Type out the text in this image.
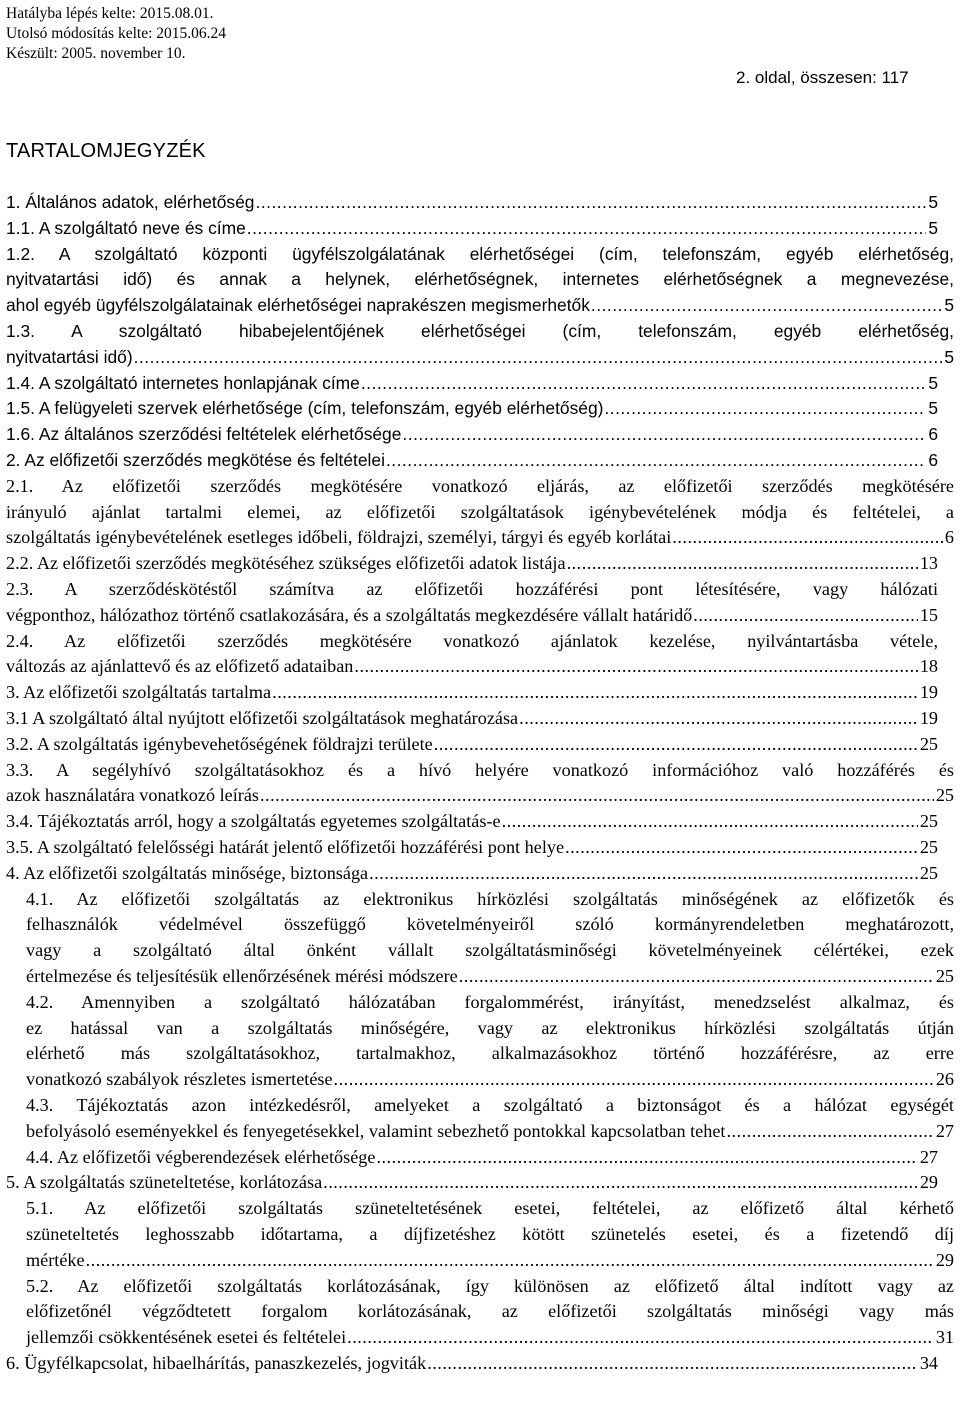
Hatályba lépés kelte: 2015.08.01.
Utolsó módosítás kelte: 2015.06.24
Készült: 2005. november 10.
2. oldal, összesen: 117
TARTALOMJEGYZÉK
1. Általános adatok, elérhetőség .....	5
1.1. A szolgáltató neve és címe .....	5
1.2. A szolgáltató központi ügyfélszolgálatának elérhetőségei (cím, telefonszám, egyéb elérhetőség,
nyitvatartási idő) és annak a helynek, elérhetőségnek, internetes elérhetőségnek a megnevezése,
ahol egyéb ügyfélszolgálatainak elérhetőségei naprakészen megismerhetők .....	5
1.3. A szolgáltató hibabejelentőjének elérhetőségei (cím, telefonszám, egyéb elérhetőség,
nyitvatartási idő) .....	5
1.4. A szolgáltató internetes honlapjának címe .....	5
1.5. A felügyeleti szervek elérhetősége (cím, telefonszám, egyéb elérhetőség) .....	5
1.6. Az általános szerződési feltételek elérhetősége .....	6
2. Az előfizetői szerződés megkötése és feltételei .....	6
2.1. Az előfizetői szerződés megkötésére vonatkozó eljárás, az előfizetői szerződés megkötésére
irányuló ajánlat tartalmi elemei, az előfizetői szolgáltatások igénybevételének módja és feltételei, a
szolgáltatás igénybevételének esetleges időbeli, földrajzi, személyi, tárgyi és egyéb korlátai .....	6
2.2. Az előfizetői szerződés megkötéséhez szükséges előfizetői adatok listája .....	13
2.3. A szerződéskötéstől számítva az előfizetői hozzáférési pont létesítésére, vagy hálózati
végponthoz, hálózathoz történő csatlakozására, és a szolgáltatás megkezdésére vállalt határidő .....	15
2.4. Az előfizetői szerződés megkötésére vonatkozó ajánlatok kezelése, nyilvántartásba vétele,
változás az ajánlattevő és az előfizető adataiban .....	18
3. Az előfizetői szolgáltatás tartalma .....	19
3.1 A szolgáltató által nyújtott előfizetői szolgáltatások meghatározása .....	19
3.2. A szolgáltatás igénybevehetőségének földrajzi területe .....	25
3.3. A segélyhívó szolgáltatásokhoz és a hívó helyére vonatkozó információhoz való hozzáférés és
azok használatára vonatkozó leírás .....	25
3.4. Tájékoztatás arról, hogy a szolgáltatás egyetemes szolgáltatás-e .....	25
3.5. A szolgáltató felelősségi határát jelentő előfizetői hozzáférési pont helye .....	25
4. Az előfizetői szolgáltatás minősége, biztonsága .....	25
4.1. Az előfizetői szolgáltatás az elektronikus hírközlési szolgáltatás minőségének az előfizetők és
felhasználók védelmével összefüggő követelményeiről szóló kormányrendeletben meghatározott,
vagy a szolgáltató által önként vállalt szolgáltatásminőségi követelményeinek célértékei, ezek
értelmezése és teljesítésük ellenőrzésének mérési módszere .....	25
4.2. Amennyiben a szolgáltató hálózatában forgalommérést, irányítást, menedzselést alkalmaz, és
ez hatással van a szolgáltatás minőségére, vagy az elektronikus hírközlési szolgáltatás útján
elérhető más szolgáltatásokhoz, tartalmakhoz, alkalmazásokhoz történő hozzáférésre, az erre
vonatkozó szabályok részletes ismertetése .....	26
4.3. Tájékoztatás azon intézkedésről, amelyeket a szolgáltató a biztonságot és a hálózat egységét
befolyásoló eseményekkel és fenyegetésekkel, valamint sebezhető pontokkal kapcsolatban tehet .....	27
4.4. Az előfizetői végberendezések elérhetősége .....	27
5. A szolgáltatás szüneteltetése, korlátozása .....	29
5.1. Az előfizetői szolgáltatás szüneteltetésének esetei, feltételei, az előfizető által kérhető
szüneteltetés leghosszabb időtartama, a díjfizetéshez kötött szünetelés esetei, és a fizetendő díj
mértéke .....	29
5.2. Az előfizetői szolgáltatás korlátozásának, így különösen az előfizető által indított vagy az
előfizetőnél végződtetett forgalom korlátozásának, az előfizetői szolgáltatás minőségi vagy más
jellemzői csökkentésének esetei és feltételei .....	31
6. Ügyfélkapcsolat, hibaelhárítás, panaszkezelés, jogviták .....	34
